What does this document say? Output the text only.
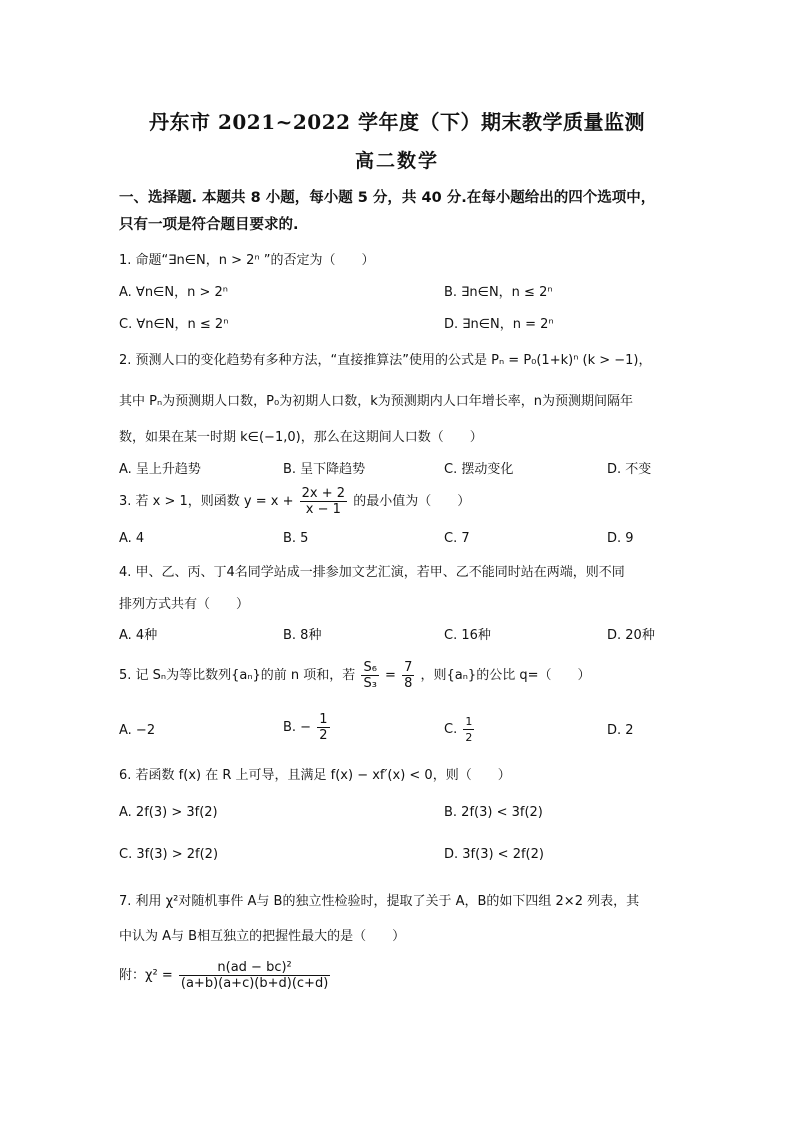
丹东市 2021~2022 学年度（下）期末教学质量监测
高二数学
一、选择题. 本题共 8 小题，每小题 5 分，共 40 分.在每小题给出的四个选项中，
只有一项是符合题目要求的.
1. 命题“∃n∈N，n > 2ⁿ ”的否定为（　　）
A. ∀n∈N，n > 2ⁿ	B. ∃n∈N，n ≤ 2ⁿ
C. ∀n∈N，n ≤ 2ⁿ	D. ∃n∈N，n = 2ⁿ
2. 预测人口的变化趋势有多种方法，“直接推算法”使用的公式是 Pₙ = P₀(1+k)ⁿ (k > −1)，
其中 Pₙ为预测期人口数，P₀为初期人口数，k为预测期内人口年增长率，n为预测期间隔年
数，如果在某一时期 k∈(−1,0)，那么在这期间人口数（　　）
A. 呈上升趋势	B. 呈下降趋势	C. 摆动变化	D. 不变
3. 若 x > 1，则函数 $y = x + \frac{2x + 2}{x - 1}$ 的最小值为（　　）
A. 4	B. 5	C. 7	D. 9
4. 甲、乙、丙、丁4名同学站成一排参加文艺汇演，若甲、乙不能同时站在两端，则不同
排列方式共有（　　）
A. 4种	B. 8种	C. 16种	D. 20种
5. 记 Sₙ为等比数列{aₙ}的前 n 项和，若 $\frac{\text{S₆}}{\text{S₃}} = \frac{7}{8}$ ，则{aₙ}的公比 q=（　　）
A. −2	B. − $\frac{1}{2}$	C. $\frac{1}{2}$	D. 2
6. 若函数 f(x) 在 R 上可导，且满足 f(x) − xf′(x) < 0，则（　　）
A. 2f(3) > 3f(2)	B. 2f(3) < 3f(2)
C. 3f(3) > 2f(2)	D. 3f(3) < 2f(2)
7. 利用 χ²对随机事件 A与 B的独立性检验时，提取了关于 A，B的如下四组 2×2 列表，其
中认为 A与 B相互独立的把握性最大的是（　　）
附：$\chi^2 = \frac{\text{n(ad − bc)²}}{(a+b)(a+c)(b+d)(c+d)}$
